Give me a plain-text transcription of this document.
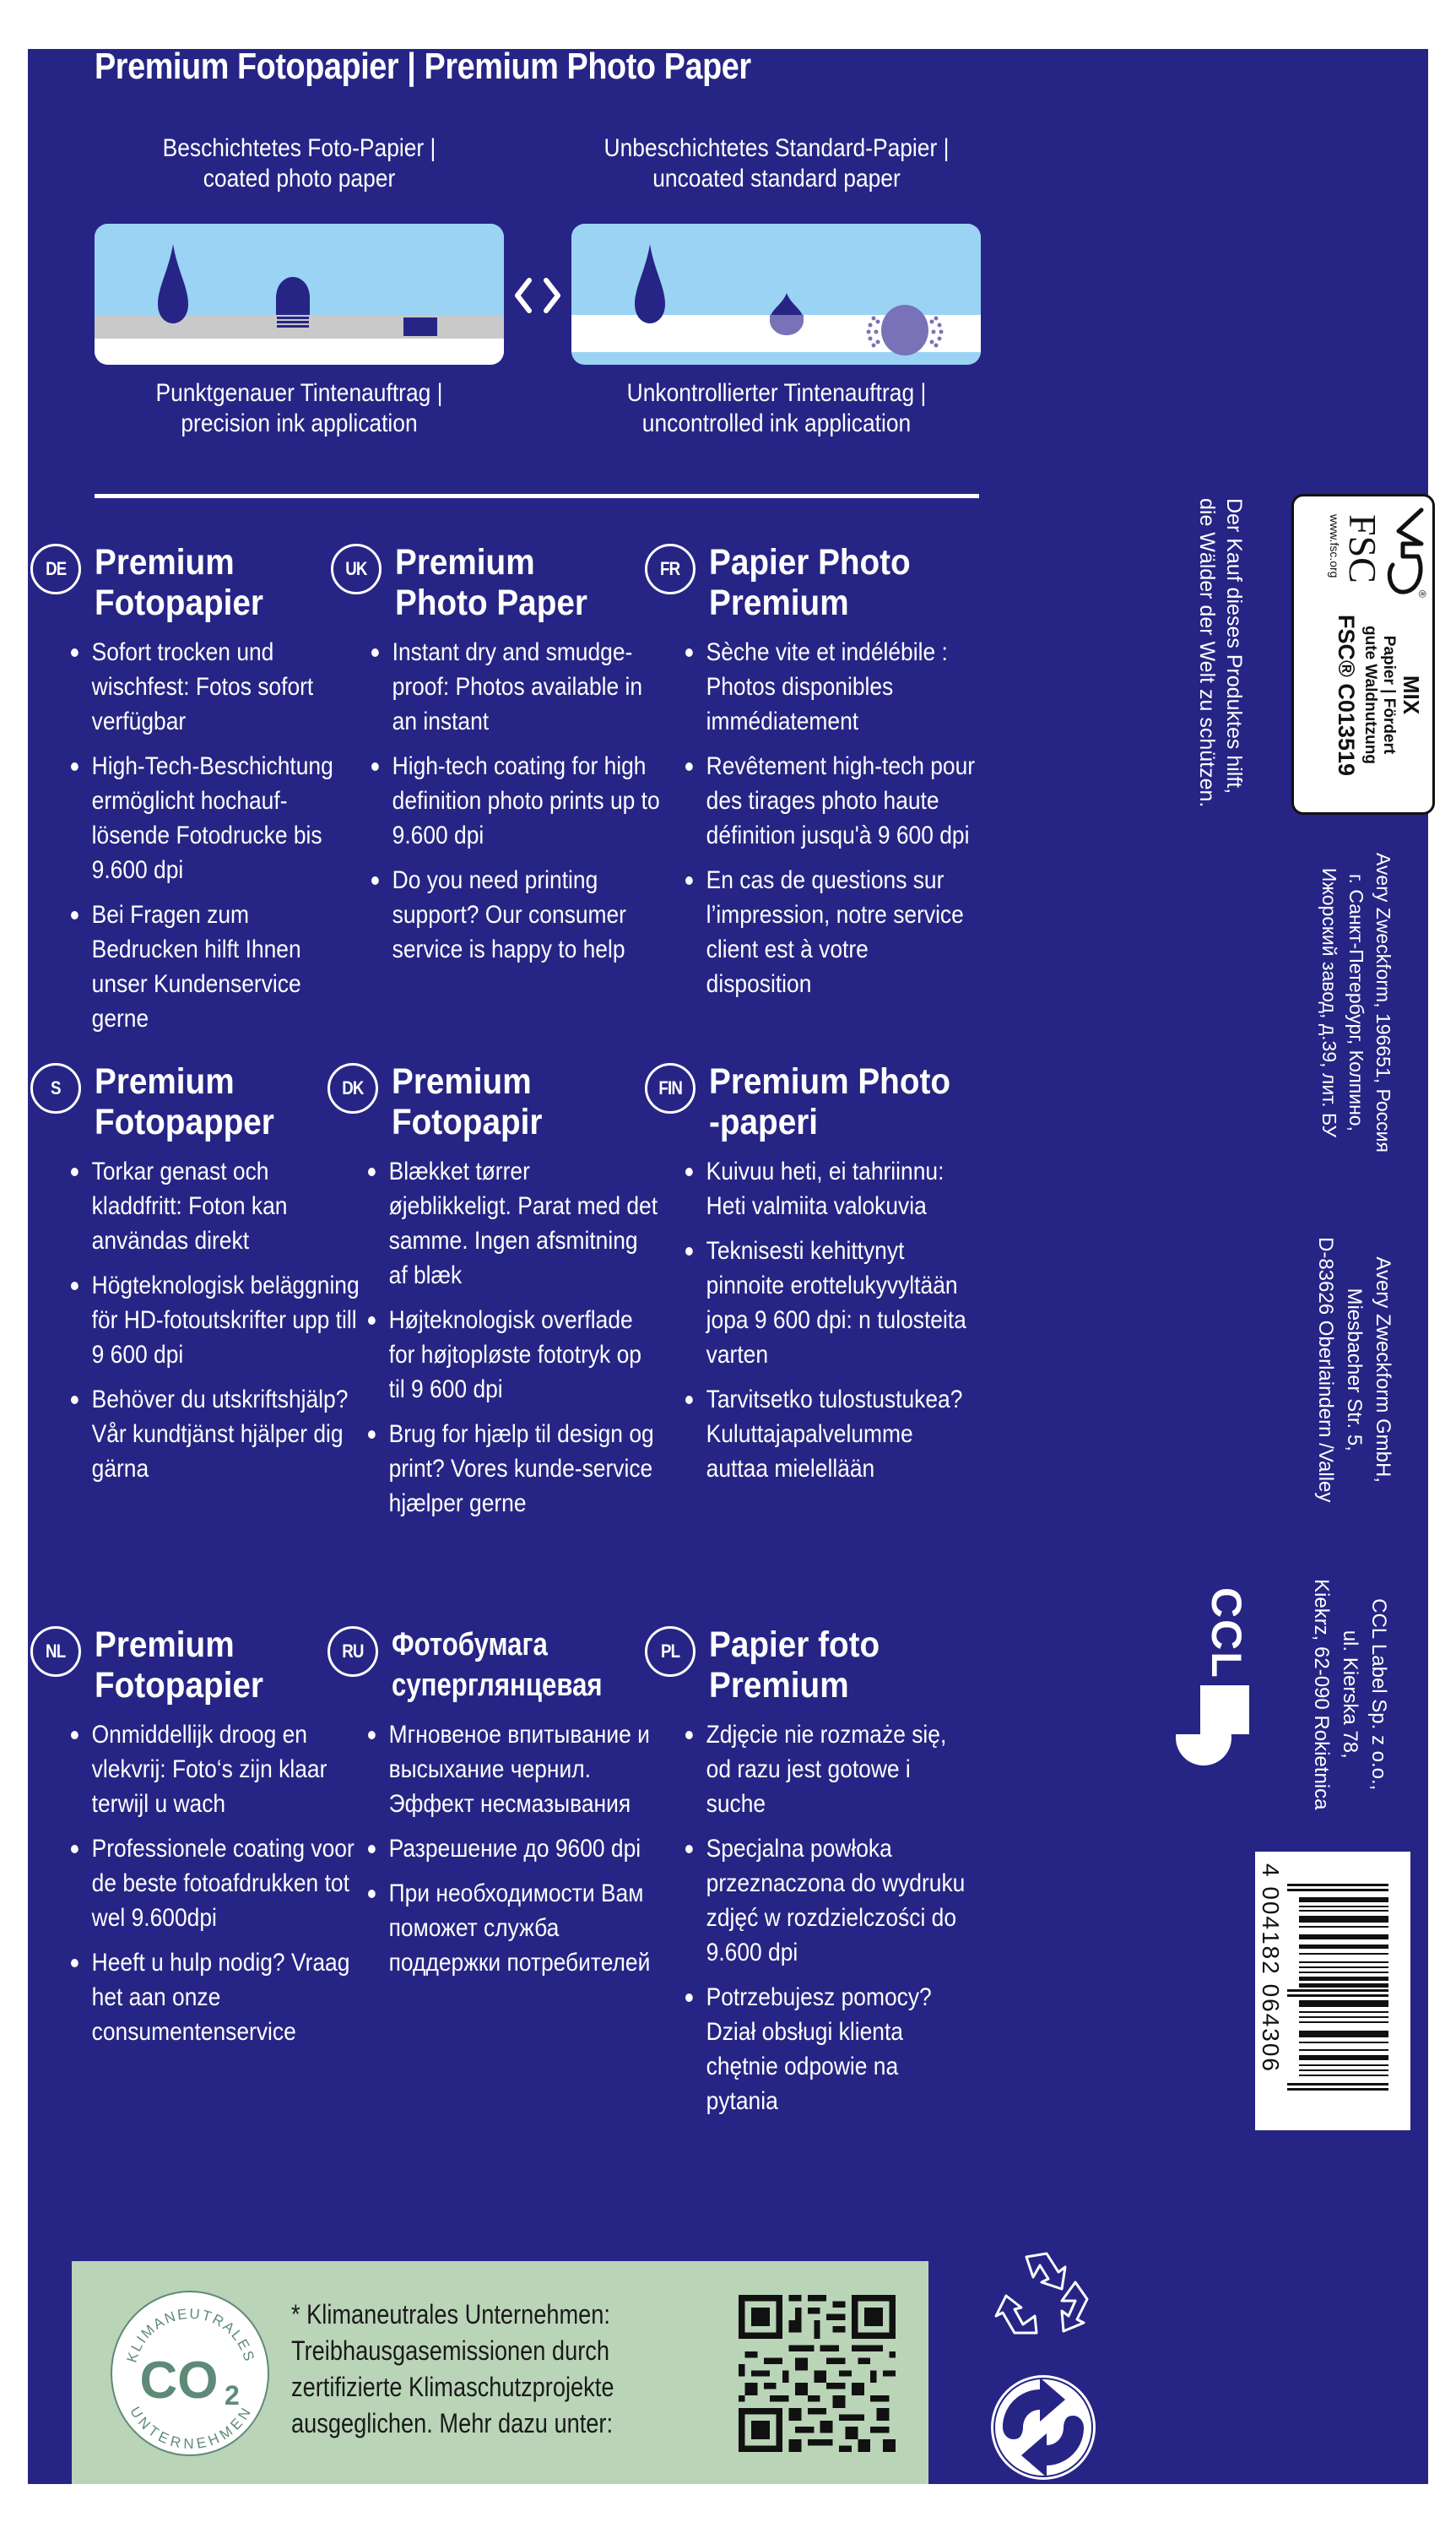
Premium Fotopapier | Premium Photo Paper
Beschichtetes Foto-Papier |
coated photo paper
Unbeschichtetes Standard-Papier |
uncoated standard paper
Punktgenauer Tintenauftrag |
precision ink application
Unkontrollierter Tintenauftrag |
uncontrolled ink application
DE Premium
Fotopapier
Sofort trocken und wischfest: Fotos sofort verfügbar
High-Tech-Beschichtung ermöglicht hochauf-lösende Fotodrucke bis 9.600 dpi
Bei Fragen zum Bedrucken hilft Ihnen unser Kundenservice gerne
UK Premium
Photo Paper
Instant dry and smudge-proof: Photos available in an instant
High-tech coating for high definition photo prints up to 9.600 dpi
Do you need printing support? Our consumer service is happy to help
FR Papier Photo
Premium
Sèche vite et indélébile : Photos disponibles immédiatement
Revêtement high-tech pour des tirages photo haute définition jusqu'à 9 600 dpi
En cas de questions sur l’impression, notre service client est à votre disposition
S Premium
Fotopapper
Torkar genast och kladdfritt: Foton kan användas direkt
Högteknologisk beläggning för HD-fotoutskrifter upp till 9 600 dpi
Behöver du utskriftshjälp? Vår kundtjänst hjälper dig gärna
DK Premium
Fotopapir
Blækket tørrer øjeblikkeligt. Parat med det samme. Ingen afsmitning af blæk
Højteknologisk overflade for højtopløste fototryk op til 9 600 dpi
Brug for hjælp til design og print? Vores kunde-service hjælper gerne
FIN Premium Photo
-paperi
Kuivuu heti, ei tahriinnu: Heti valmiita valokuvia
Teknisesti kehittynyt pinnoite erottelukyvyltään jopa 9 600 dpi: n tulosteita varten
Tarvitsetko tulostustukea? Kuluttajapalvelumme auttaa mielellään
NL Premium
Fotopapier
Onmiddellijk droog en vlekvrij: Foto‘s zijn klaar terwijl u wach
Professionele coating voor de beste fotoafdrukken tot wel 9.600dpi
Heeft u hulp nodig? Vraag het aan onze consumentenservice
RU Фотобумага
суперглянцевая
Мгновеное впитывание и высыхание чернил. Эффект несмазывания
Разрешение до 9600 dpi
При необходимости Вам поможет служба поддержки потребителей
PL Papier foto
Premium
Zdjęcie nie rozmaże się, od razu jest gotowe i suche
Specjalna powłoka przeznaczona do wydruku zdjęć w rozdzielczości do 9.600 dpi
Potrzebujesz pomocy? Dział obsługi klienta chętnie odpowie na pytania
®
FSC
www.fsc.org
MIX
Papier | Fördert
gute Waldnutzung
FSC® C013519
Der Kauf dieses Produktes hilft,
die Wälder der Welt zu schützen.
Avery Zweckform, 196651, Россия
г. Санкт-Петербург, Колпино,
Ижорский завод, д.39, лит. БУ
Avery Zweckform GmbH,
Miesbacher Str. 5,
D-83626 Oberlaindern /Valley
CCL Label Sp. z o.o.,
ul. Kierska 78,
Kiekrz, 62-090 Rokietnica
CCL
4 004182 064306
KLIMANEUTRALES
UNTERNEHMEN
CO 2
* Klimaneutrales Unternehmen:
Treibhausgasemissionen durch
zertifizierte Klimaschutzprojekte
ausgeglichen. Mehr dazu unter:
